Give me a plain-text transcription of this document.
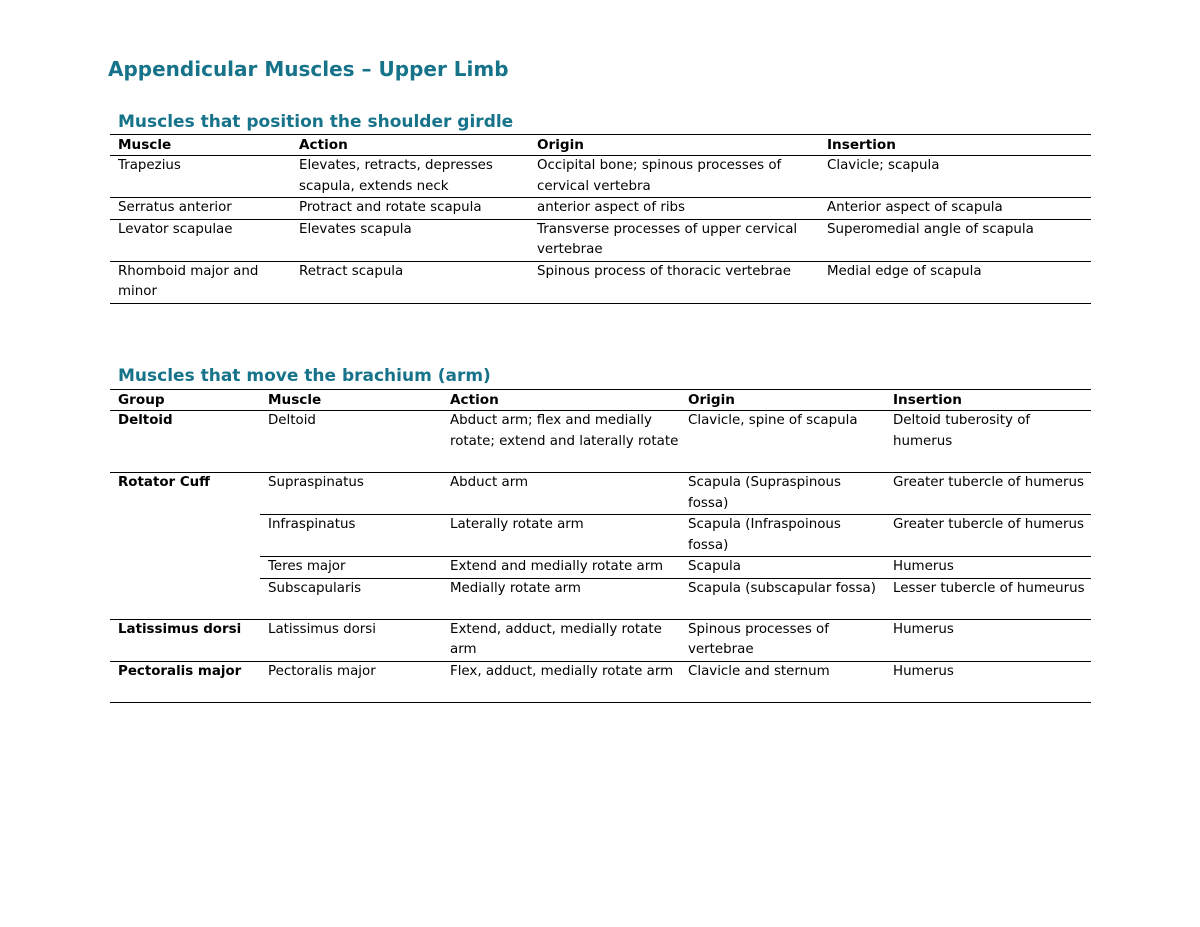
Appendicular Muscles – Upper Limb
Muscles that position the shoulder girdle
Muscle	Action	Origin	Insertion
Trapezius	Elevates, retracts, depresses scapula, extends neck	Occipital bone; spinous processes of cervical vertebra	Clavicle; scapula
Serratus anterior	Protract and rotate scapula	anterior aspect of ribs	Anterior aspect of scapula
Levator scapulae	Elevates scapula	Transverse processes of upper cervical vertebrae	Superomedial angle of scapula
Rhomboid major and minor	Retract scapula	Spinous process of thoracic vertebrae	Medial edge of scapula
Muscles that move the brachium (arm)
Group	Muscle	Action	Origin	Insertion
Deltoid	Deltoid	Abduct arm; flex and medially rotate; extend and laterally rotate	Clavicle, spine of scapula	Deltoid tuberosity of humerus
Rotator Cuff	Supraspinatus	Abduct arm	Scapula (Supraspinous fossa)	Greater tubercle of humerus
	Infraspinatus	Laterally rotate arm	Scapula (Infraspoinous fossa)	Greater tubercle of humerus
	Teres major	Extend and medially rotate arm	Scapula	Humerus
	Subscapularis	Medially rotate arm	Scapula (subscapular fossa)	Lesser tubercle of humeurus
Latissimus dorsi	Latissimus dorsi	Extend, adduct, medially rotate arm	Spinous processes of vertebrae	Humerus
Pectoralis major	Pectoralis major	Flex, adduct, medially rotate arm	Clavicle and sternum	Humerus
